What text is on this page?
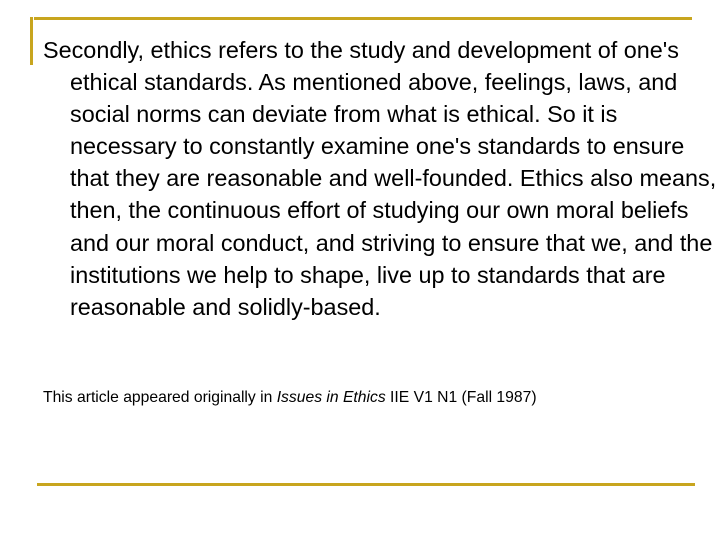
Secondly, ethics refers to the study and development of one's ethical standards. As mentioned above, feelings, laws, and social norms can deviate from what is ethical. So it is necessary to constantly examine one's standards to ensure that they are reasonable and well-founded. Ethics also means, then, the continuous effort of studying our own moral beliefs and our moral conduct, and striving to ensure that we, and the institutions we help to shape, live up to standards that are reasonable and solidly-based.

This article appeared originally in Issues in Ethics IIE V1 N1 (Fall 1987)
